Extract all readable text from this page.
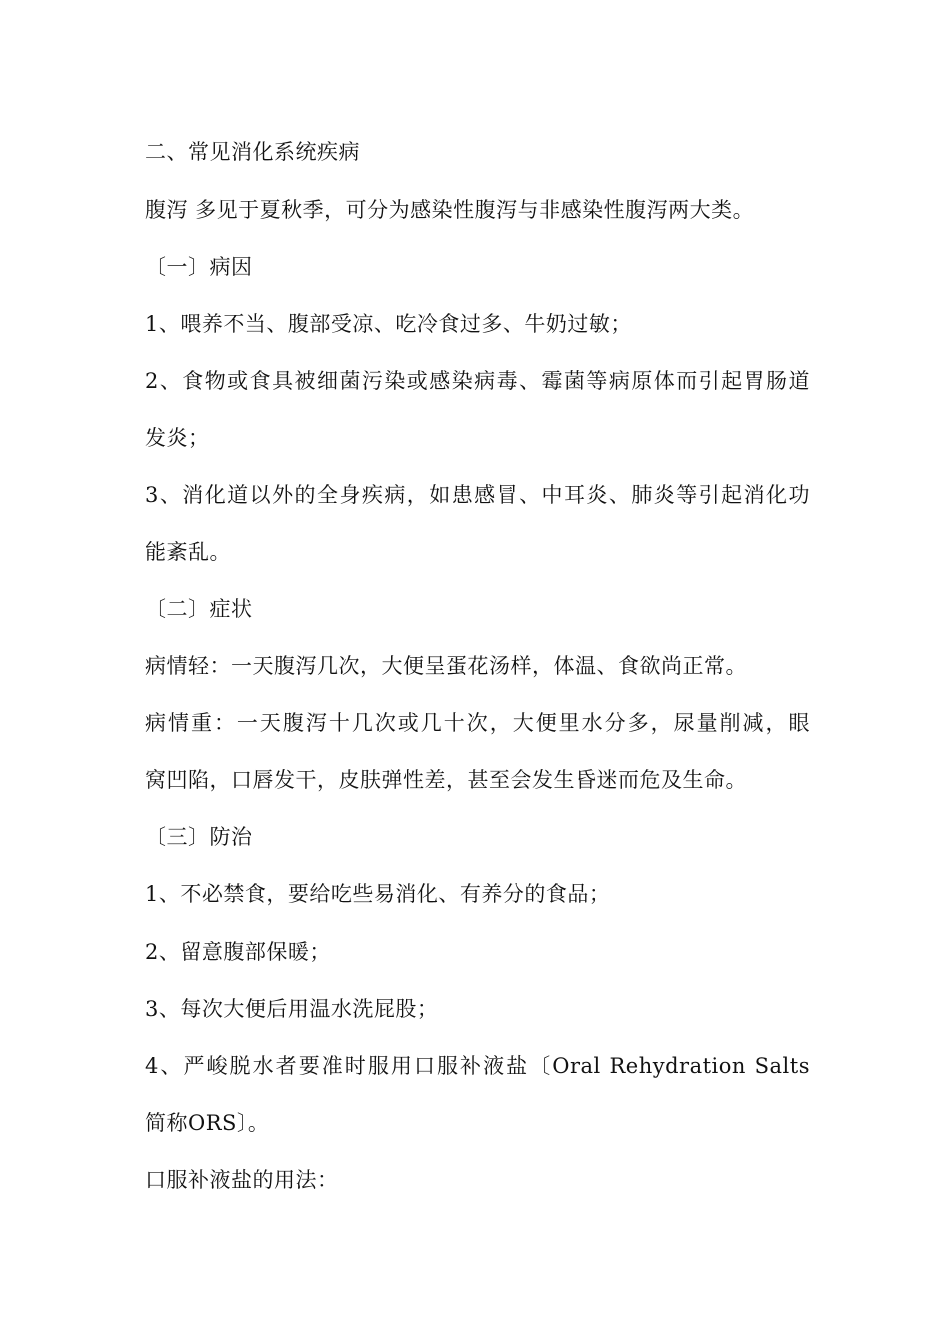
二、常见消化系统疾病
腹泻 多见于夏秋季，可分为感染性腹泻与非感染性腹泻两大类。
〔一〕病因
1、喂养不当、腹部受凉、吃冷食过多、牛奶过敏；
2、食物或食具被细菌污染或感染病毒、霉菌等病原体而引起胃肠道
发炎；
3、消化道以外的全身疾病，如患感冒、中耳炎、肺炎等引起消化功
能紊乱。
〔二〕症状
病情轻：一天腹泻几次，大便呈蛋花汤样，体温、食欲尚正常。
病情重：一天腹泻十几次或几十次，大便里水分多，尿量削减，眼
窝凹陷，口唇发干，皮肤弹性差，甚至会发生昏迷而危及生命。
〔三〕防治
1、不必禁食，要给吃些易消化、有养分的食品；
2、留意腹部保暖；
3、每次大便后用温水洗屁股；
4、严峻脱水者要准时服用口服补液盐〔Oral Rehydration Salts
简称ORS〕。
口服补液盐的用法：
